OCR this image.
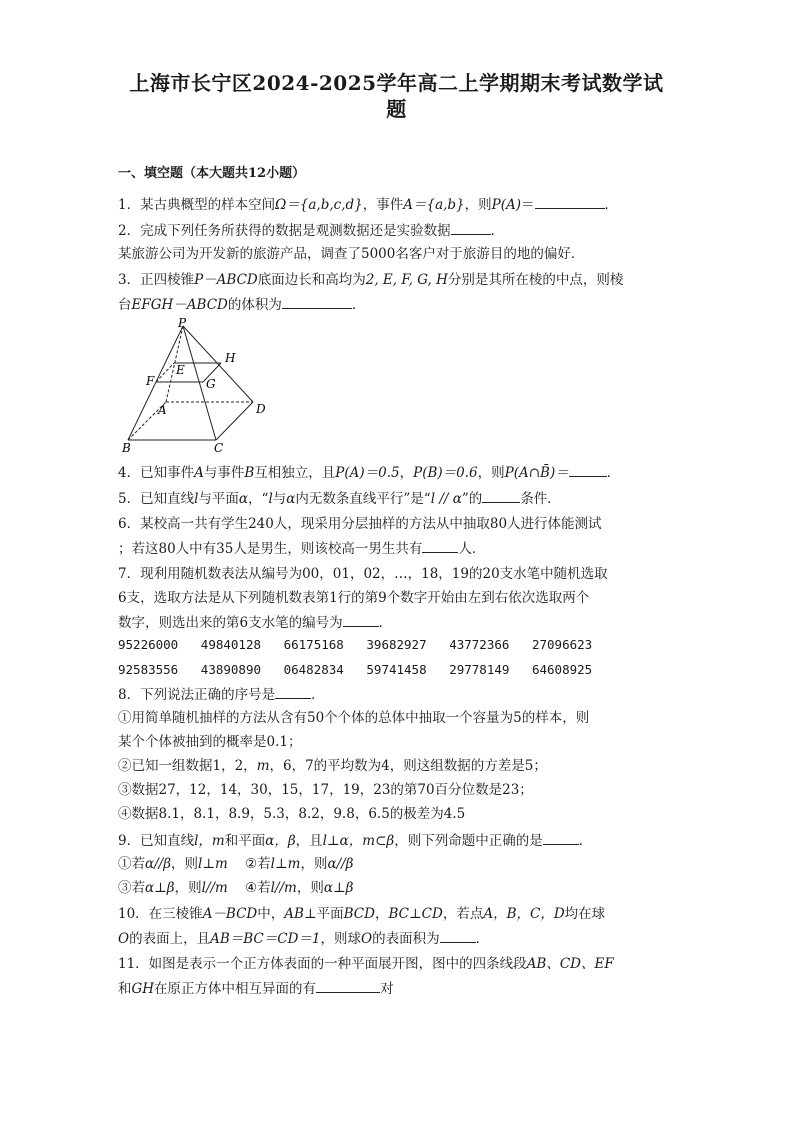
上海市长宁区2024-2025学年高二上学期期末考试数学试
题
一、填空题（本大题共12小题）
1．某古典概型的样本空间Ω＝{a,b,c,d}，事件A＝{a,b}，则P(A)＝	．
2．完成下列任务所获得的数据是观测数据还是实验数据	．
某旅游公司为开发新的旅游产品，调查了5000名客户对于旅游目的地的偏好．
3．正四棱锥P－ABCD底面边长和高均为2, E, F, G, H分别是其所在棱的中点，则棱
台EFGH－ABCD的体积为	．
P
E
H
F	G
A	D
B	C
4．已知事件A与事件B互相独立，且P(A)＝0.5，P(B)＝0.6，则P(A∩B̄)＝	．
5．已知直线l与平面α，“l与α内无数条直线平行”是“l // α”的	条件．
6．某校高一共有学生240人，现采用分层抽样的方法从中抽取80人进行体能测试
；若这80人中有35人是男生，则该校高一男生共有	人．
7．现利用随机数表法从编号为00，01，02，…，18，19的20支水笔中随机选取
6支，选取方法是从下列随机数表第1行的第9个数字开始由左到右依次选取两个
数字，则选出来的第6支水笔的编号为	．
95226000 49840128 66175168 39682927 43772366 27096623
92583556 43890890 06482834 59741458 29778149 64608925
8．下列说法正确的序号是	．
①用简单随机抽样的方法从含有50个个体的总体中抽取一个容量为5的样本，则
某个个体被抽到的概率是0.1；
②已知一组数据1，2，m，6，7的平均数为4，则这组数据的方差是5；
③数据27，12，14，30，15，17，19，23的第70百分位数是23；
④数据8.1，8.1，8.9，5.3，8.2，9.8，6.5的极差为4.5
9．已知直线l，m和平面α，β，且l⊥α，m⊂β，则下列命题中正确的是	．
①若α//β，则l⊥m ②若l⊥m，则α//β
③若α⊥β，则l//m ④若l//m，则α⊥β
10．在三棱锥A－BCD中，AB⊥平面BCD，BC⊥CD，若点A，B，C，D均在球
O的表面上，且AB＝BC＝CD＝1，则球O的表面积为	．
11．如图是表示一个正方体表面的一种平面展开图，图中的四条线段AB、CD、EF
和GH在原正方体中相互异面的有	对
